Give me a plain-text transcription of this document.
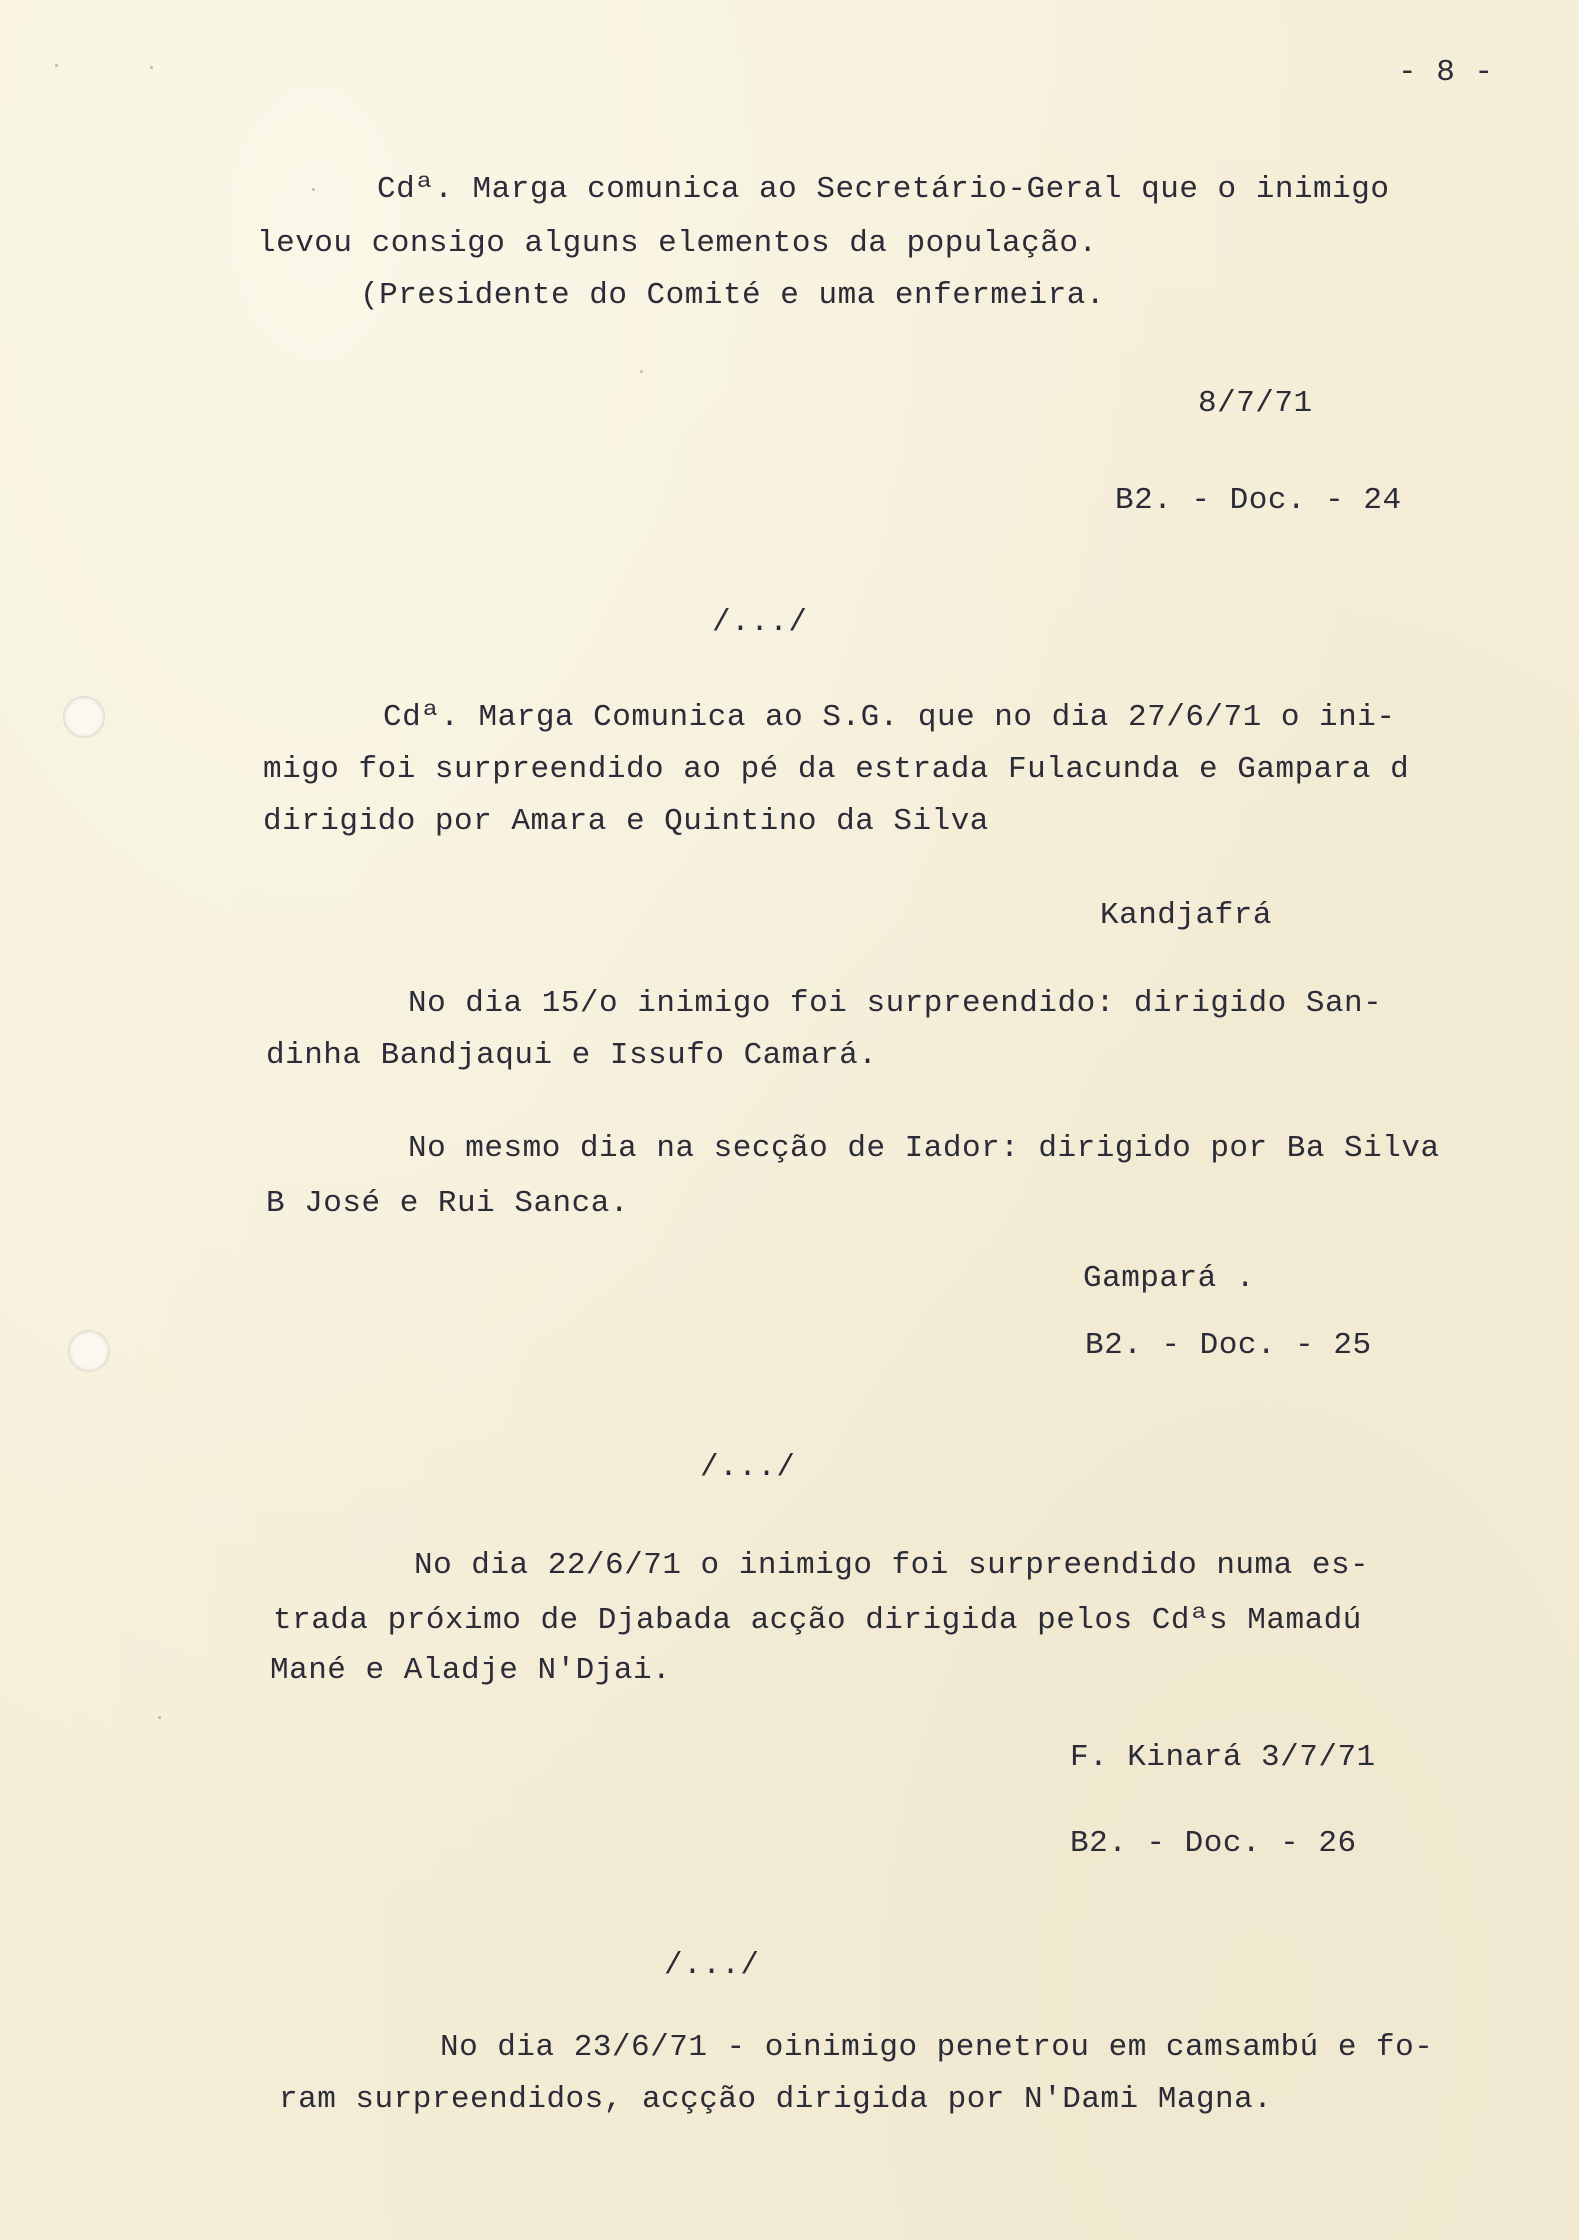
- 8 -
Cdª. Marga comunica ao Secretário-Geral que o inimigo
levou consigo alguns elementos da população.
(Presidente do Comité e uma enfermeira.
8/7/71
B2. - Doc. - 24
/.../
Cdª. Marga Comunica ao S.G. que no dia 27/6/71 o ini-
migo foi surpreendido ao pé da estrada Fulacunda e Gampara d
dirigido por Amara e Quintino da Silva
Kandjafrá
No dia 15/o inimigo foi surpreendido: dirigido San-
dinha Bandjaqui e Issufo Camará.
No mesmo dia na secção de Iador: dirigido por Ba Silva
B José e Rui Sanca.
Gampará .
B2. - Doc. - 25
/.../
No dia 22/6/71 o inimigo foi surpreendido numa es-
trada próximo de Djabada acção dirigida pelos Cdªs Mamadú
Mané e Aladje N'Djai.
F. Kinará 3/7/71
B2. - Doc. - 26
/.../
No dia 23/6/71 - oinimigo penetrou em camsambú e fo-
ram surpreendidos, acçção dirigida por N'Dami Magna.
